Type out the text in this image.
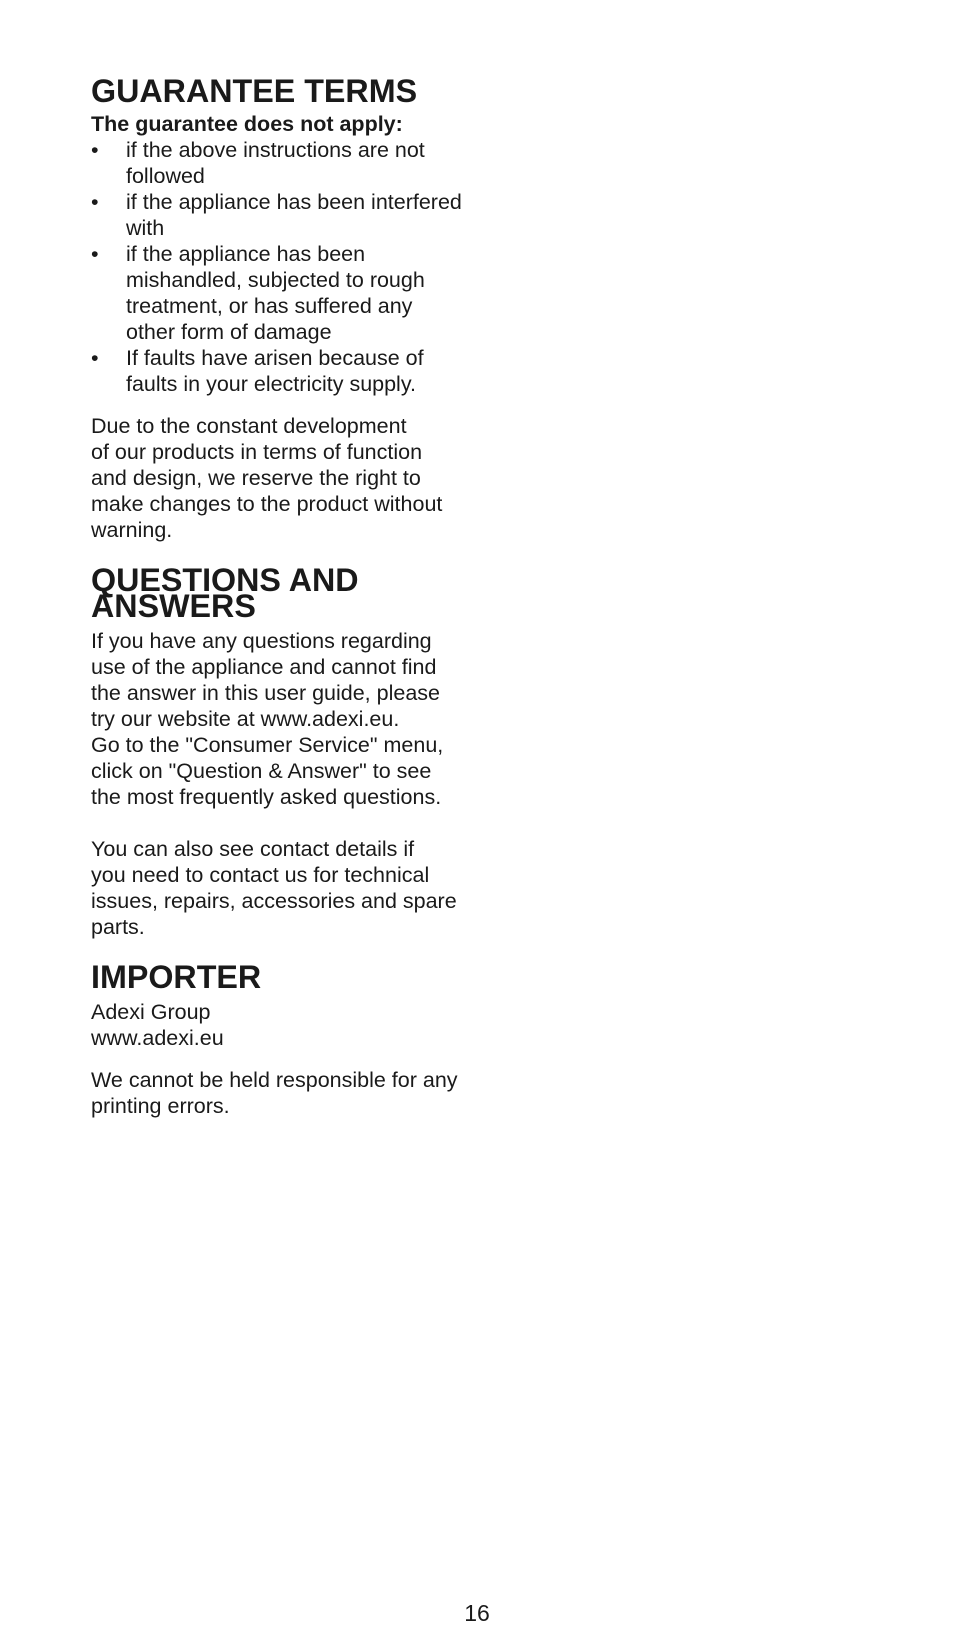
GUARANTEE TERMS

The guarantee does not apply:

• if the above instructions are not
followed
• if the appliance has been interfered
with
• if the appliance has been
mishandled, subjected to rough
treatment, or has suffered any
other form of damage
• If faults have arisen because of
faults in your electricity supply.

Due to the constant development
of our products in terms of function
and design, we reserve the right to
make changes to the product without
warning.

QUESTIONS AND ANSWERS

If you have any questions regarding
use of the appliance and cannot find
the answer in this user guide, please
try our website at www.adexi.eu.
Go to the "Consumer Service" menu,
click on "Question & Answer" to see
the most frequently asked questions.

You can also see contact details if
you need to contact us for technical
issues, repairs, accessories and spare
parts.

IMPORTER

Adexi Group
www.adexi.eu

We cannot be held responsible for any
printing errors.

16
